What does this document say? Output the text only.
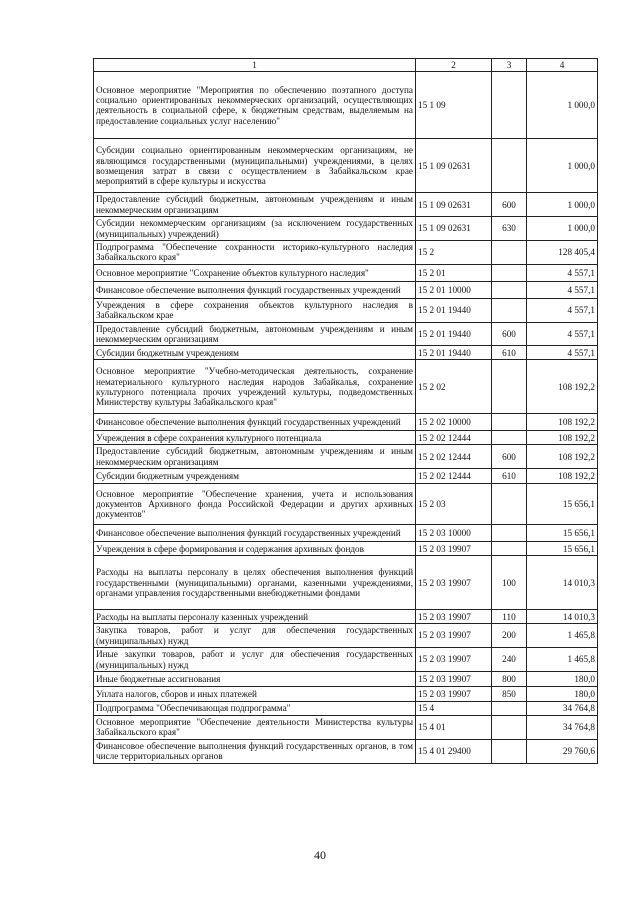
1	2	3	4
Основное мероприятие "Мероприятия по обеспечению поэтапного доступа социально ориентированных некоммерческих организаций, осуществляющих деятельность в социальной сфере, к бюджетным средствам, выделяемым на предоставление социальных услуг населению"	15 1 09		1 000,0
Субсидии социально ориентированным некоммерческим организациям, не являющимся государственными (муниципальными) учреждениями, в целях возмещения затрат в связи с осуществлением в Забайкальском крае мероприятий в сфере культуры и искусства	15 1 09 02631		1 000,0
Предоставление субсидий бюджетным, автономным учреждениям и иным некоммерческим организациям	15 1 09 02631	600	1 000,0
Субсидии некоммерческим организациям (за исключением государственных (муниципальных) учреждений)	15 1 09 02631	630	1 000,0
Подпрограмма "Обеспечение сохранности историко-культурного наследия Забайкальского края"	15 2		128 405,4
Основное мероприятие "Сохранение объектов культурного наследия"	15 2 01		4 557,1
Финансовое обеспечение выполнения функций государственных учреждений	15 2 01 10000		4 557,1
Учреждения в сфере сохранения объектов культурного наследия в Забайкальском крае	15 2 01 19440		4 557,1
Предоставление субсидий бюджетным, автономным учреждениям и иным некоммерческим организациям	15 2 01 19440	600	4 557,1
Субсидии бюджетным учреждениям	15 2 01 19440	610	4 557,1
Основное мероприятие "Учебно-методическая деятельность, сохранение нематериального культурного наследия народов Забайкалья, сохранение культурного потенциала прочих учреждений культуры, подведомственных Министерству культуры Забайкальского края"	15 2 02		108 192,2
Финансовое обеспечение выполнения функций государственных учреждений	15 2 02 10000		108 192,2
Учреждения в сфере сохранения культурного потенциала	15 2 02 12444		108 192,2
Предоставление субсидий бюджетным, автономным учреждениям и иным некоммерческим организациям	15 2 02 12444	600	108 192,2
Субсидии бюджетным учреждениям	15 2 02 12444	610	108 192,2
Основное мероприятие "Обеспечение хранения, учета и использования документов Архивного фонда Российской Федерации и других архивных документов"	15 2 03		15 656,1
Финансовое обеспечение выполнения функций государственных учреждений	15 2 03 10000		15 656,1
Учреждения в сфере формирования и содержания архивных фондов	15 2 03 19907		15 656,1
Расходы на выплаты персоналу в целях обеспечения выполнения функций государственными (муниципальными) органами, казенными учреждениями, органами управления государственными внебюджетными фондами	15 2 03 19907	100	14 010,3
Расходы на выплаты персоналу казенных учреждений	15 2 03 19907	110	14 010,3
Закупка товаров, работ и услуг для обеспечения государственных (муниципальных) нужд	15 2 03 19907	200	1 465,8
Иные закупки товаров, работ и услуг для обеспечения государственных (муниципальных) нужд	15 2 03 19907	240	1 465,8
Иные бюджетные ассигнования	15 2 03 19907	800	180,0
Уплата налогов, сборов и иных платежей	15 2 03 19907	850	180,0
Подпрограмма "Обеспечивающая подпрограмма"	15 4		34 764,8
Основное мероприятие "Обеспечение деятельности Министерства культуры Забайкальского края"	15 4 01		34 764,8
Финансовое обеспечение выполнения функций государственных органов, в том числе территориальных органов	15 4 01 29400		29 760,6
40
